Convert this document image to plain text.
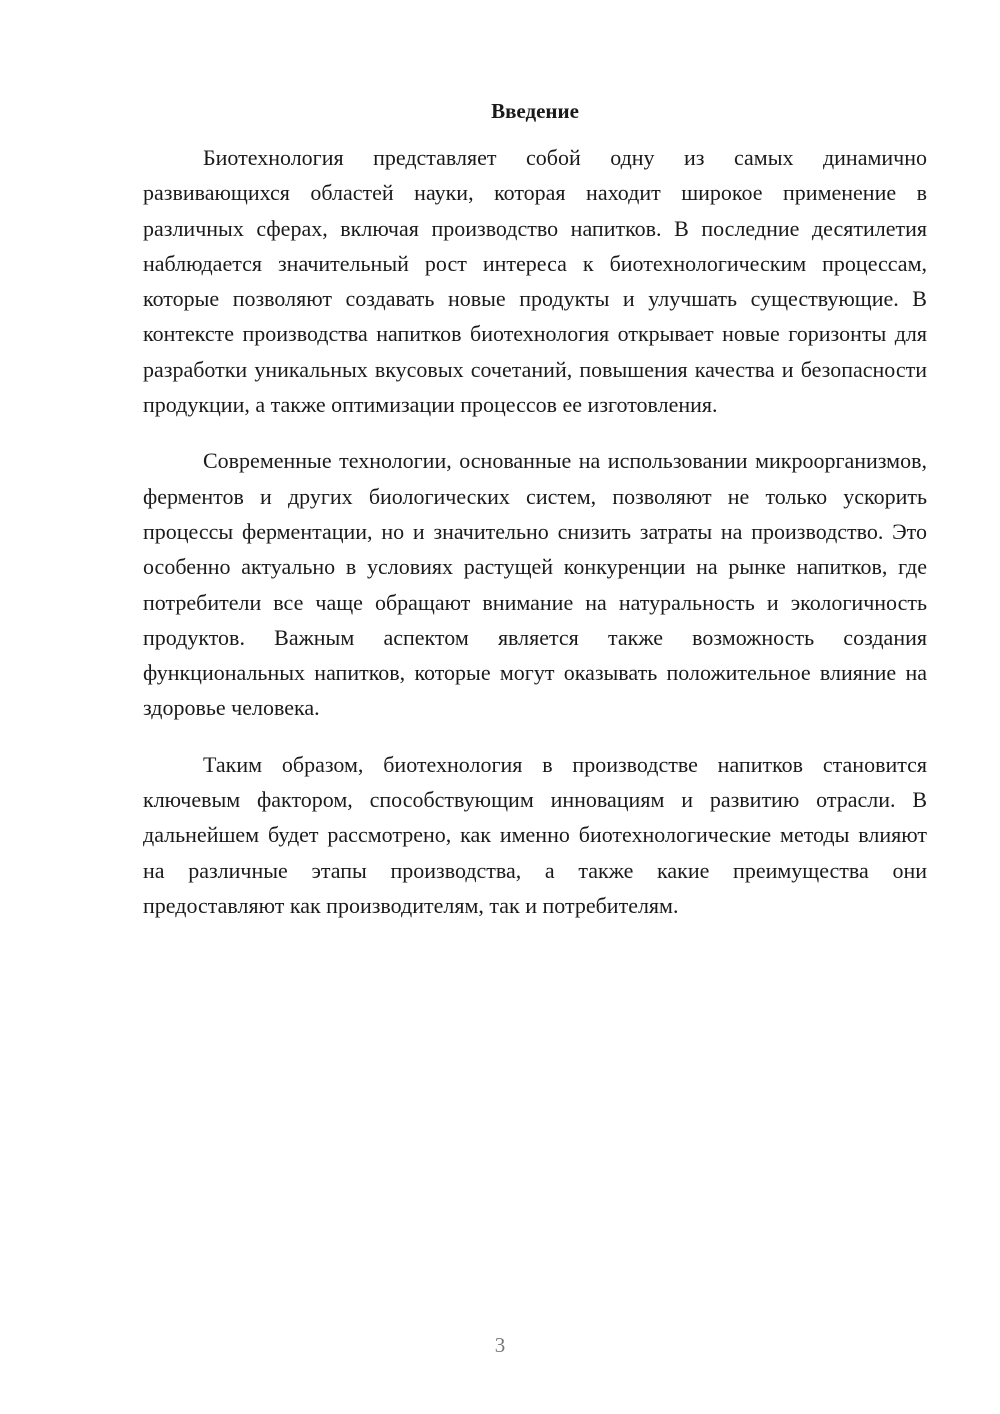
Введение

Биотехнология представляет собой одну из самых динамично развивающихся областей науки, которая находит широкое применение в различных сферах, включая производство напитков. В последние десятилетия наблюдается значительный рост интереса к биотехнологическим процессам, которые позволяют создавать новые продукты и улучшать существующие. В контексте производства напитков биотехнология открывает новые горизонты для разработки уникальных вкусовых сочетаний, повышения качества и безопасности продукции, а также оптимизации процессов ее изготовления.

Современные технологии, основанные на использовании микроорганизмов, ферментов и других биологических систем, позволяют не только ускорить процессы ферментации, но и значительно снизить затраты на производство. Это особенно актуально в условиях растущей конкуренции на рынке напитков, где потребители все чаще обращают внимание на натуральность и экологичность продуктов. Важным аспектом является также возможность создания функциональных напитков, которые могут оказывать положительное влияние на здоровье человека.

Таким образом, биотехнология в производстве напитков становится ключевым фактором, способствующим инновациям и развитию отрасли. В дальнейшем будет рассмотрено, как именно биотехнологические методы влияют на различные этапы производства, а также какие преимущества они предоставляют как производителям, так и потребителям.

3
